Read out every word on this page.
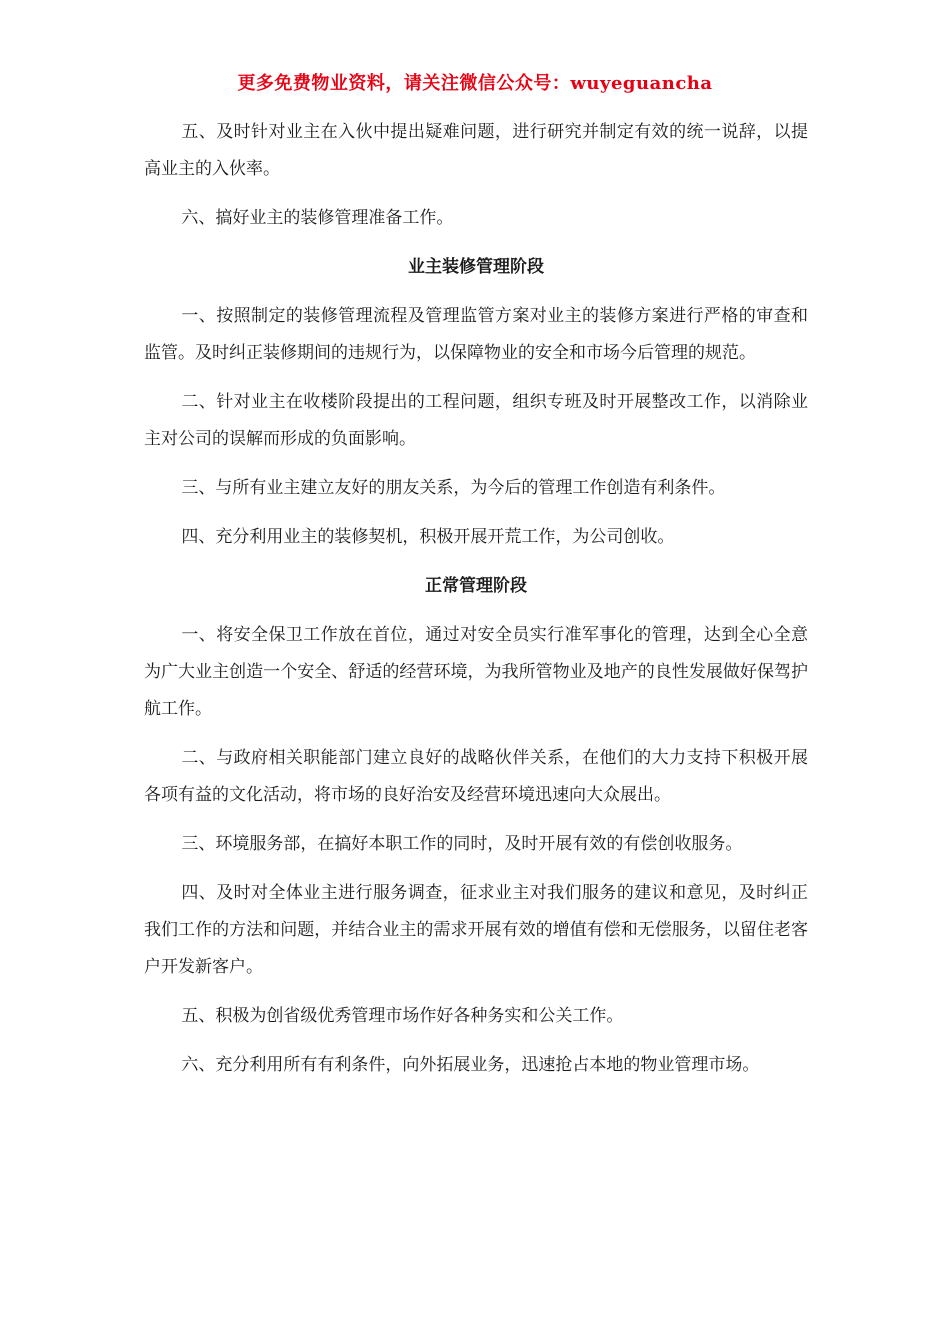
更多免费物业资料，请关注微信公众号：wuyeguancha

五、及时针对业主在入伙中提出疑难问题，进行研究并制定有效的统一说辞，以提高业主的入伙率。

六、搞好业主的装修管理准备工作。

业主装修管理阶段

一、按照制定的装修管理流程及管理监管方案对业主的装修方案进行严格的审查和监管。及时纠正装修期间的违规行为，以保障物业的安全和市场今后管理的规范。

二、针对业主在收楼阶段提出的工程问题，组织专班及时开展整改工作，以消除业主对公司的误解而形成的负面影响。

三、与所有业主建立友好的朋友关系，为今后的管理工作创造有利条件。

四、充分利用业主的装修契机，积极开展开荒工作，为公司创收。

正常管理阶段

一、将安全保卫工作放在首位，通过对安全员实行准军事化的管理，达到全心全意为广大业主创造一个安全、舒适的经营环境，为我所管物业及地产的良性发展做好保驾护航工作。

二、与政府相关职能部门建立良好的战略伙伴关系，在他们的大力支持下积极开展各项有益的文化活动，将市场的良好治安及经营环境迅速向大众展出。

三、环境服务部，在搞好本职工作的同时，及时开展有效的有偿创收服务。

四、及时对全体业主进行服务调查，征求业主对我们服务的建议和意见，及时纠正我们工作的方法和问题，并结合业主的需求开展有效的增值有偿和无偿服务，以留住老客户开发新客户。

五、积极为创省级优秀管理市场作好各种务实和公关工作。

六、充分利用所有有利条件，向外拓展业务，迅速抢占本地的物业管理市场。
